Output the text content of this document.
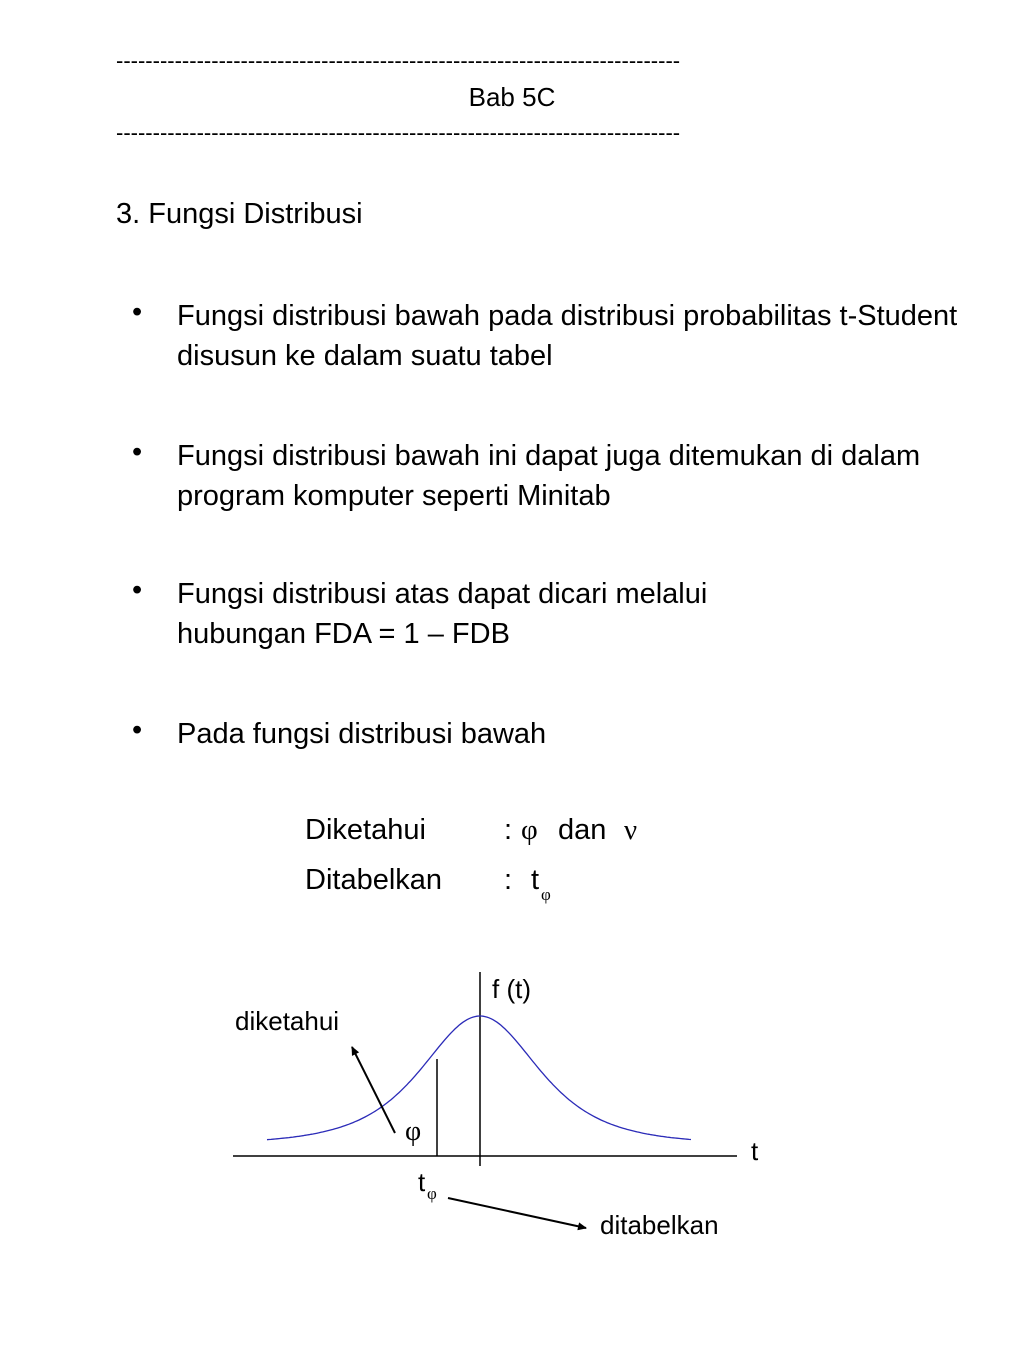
-----------------------------------------------------------------------------
Bab 5C
-----------------------------------------------------------------------------
3. Fungsi Distribusi
• Fungsi distribusi bawah pada distribusi probabilitas t-Student disusun ke dalam suatu tabel
• Fungsi distribusi bawah ini dapat juga ditemukan di dalam program komputer seperti Minitab
• Fungsi distribusi atas dapat dicari melalui hubungan FDA = 1 – FDB
• Pada fungsi distribusi bawah
Diketahui	: φ dan ν
Ditabelkan : t φ
f (t)
t
diketahui
φ
t φ
ditabelkan
